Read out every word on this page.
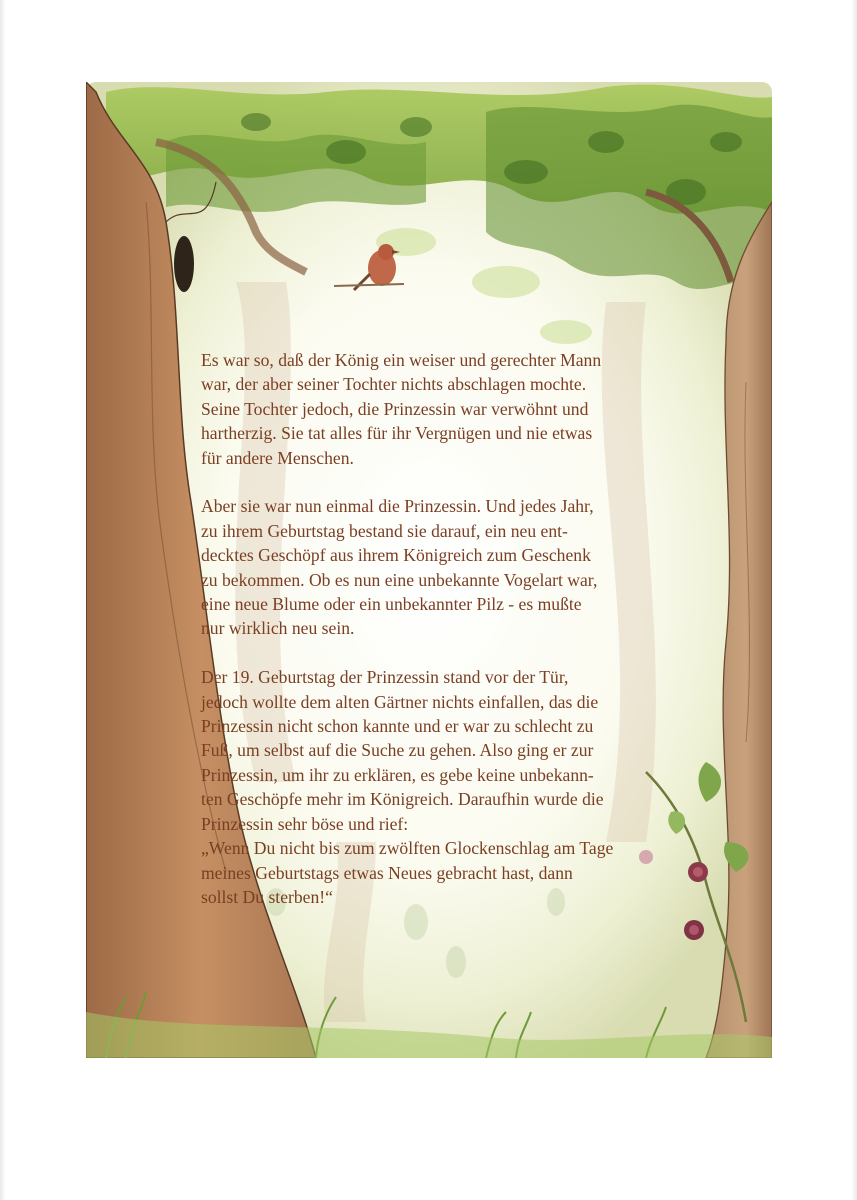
Es war so, daß der König ein weiser und gerechter Mann
war, der aber seiner Tochter nichts abschlagen mochte.
Seine Tochter jedoch, die Prinzessin war verwöhnt und
hartherzig. Sie tat alles für ihr Vergnügen und nie etwas
für andere Menschen.

Aber sie war nun einmal die Prinzessin. Und jedes Jahr,
zu ihrem Geburtstag bestand sie darauf, ein neu ent-
decktes Geschöpf aus ihrem Königreich zum Geschenk
zu bekommen. Ob es nun eine unbekannte Vogelart war,
eine neue Blume oder ein unbekannter Pilz - es mußte
nur wirklich neu sein.

Der 19. Geburtstag der Prinzessin stand vor der Tür,
jedoch wollte dem alten Gärtner nichts einfallen, das die
Prinzessin nicht schon kannte und er war zu schlecht zu
Fuß, um selbst auf die Suche zu gehen. Also ging er zur
Prinzessin, um ihr zu erklären, es gebe keine unbekann-
ten Geschöpfe mehr im Königreich. Daraufhin wurde die
Prinzessin sehr böse und rief:
„Wenn Du nicht bis zum zwölften Glockenschlag am Tage
meines Geburtstags etwas Neues gebracht hast, dann
sollst Du sterben!“
